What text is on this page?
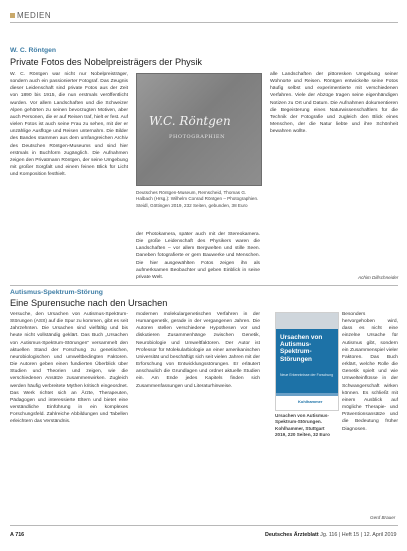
MEDIEN
W. C. Röntgen
Private Fotos des Nobelpreisträgers der Physik

W. C. Röntgen war nicht nur Nobelpreisträger, sondern auch ein passionierter Fotograf. Das Zeugnis dieser Leidenschaft sind private Fotos aus der Zeit von 1890 bis 1915, die nun erstmals veröffentlicht wurden. Vor allem Landschaften und die Schweizer Alpen gehörten zu seinen bevorzugten Motiven, aber auch Personen, die er auf Reisen traf, hielt er fest. Auf vielen Fotos ist auch seine Frau zu sehen, mit der er unzählige Ausflüge und Reisen unternahm. Die Bilder des Bandes stammen aus dem umfangreichen Archiv des Deutschen Röntgen-Museums und sind hier erstmals in Buchform zugänglich. Die Aufnahmen zeigen den Privatmann Röntgen, der seine Umgebung mit großer Sorgfalt und einem feinen Blick für Licht und Komposition festhielt.

W.C. Röntgen
PHOTOGRAPHIEN
Deutsches Röntgen-Museum, Remscheid, Thomas G. Halbach (Hrsg.): Wilhelm Conrad Röntgen – Photographien. Steidl, Göttingen 2019, 232 Seiten, gebunden, 38 Euro

der Photokamera, später auch mit der Stereokamera. Die große Leidenschaft des Physikers waren die Landschaften – vor allem Bergwelten und stille Seen. Daneben fotografierte er gern Bauwerke und Menschen. Die hier ausgewählten Fotos zeigen ihn als aufmerksamen Beobachter und geben Einblick in seine private Welt.

alle Landschaften der pittoresken Umgebung seiner Wohnorte und Reisen. Röntgen entwickelte seine Fotos häufig selbst und experimentierte mit verschiedenen Verfahren. Viele der Abzüge tragen seine eigenhändigen Notizen zu Ort und Datum. Die Aufnahmen dokumentieren die Begeisterung eines Naturwissenschaftlers für die Technik der Fotografie und zugleich den Blick eines Menschen, der die Natur liebte und ihre Schönheit bewahren wollte.

Achim Dillschneider
Autismus-Spektrum-Störung
Eine Spurensuche nach den Ursachen

Versuche, den Ursachen von Autismus-Spektrum-Störungen (ASS) auf die Spur zu kommen, gibt es seit Jahrzehnten. Die Ursachen sind vielfältig und bis heute nicht vollständig geklärt. Das Buch „Ursachen von Autismus-Spektrum-Störungen“ versammelt den aktuellen Stand der Forschung zu genetischen, neurobiologischen und umweltbedingten Faktoren. Die Autoren geben einen fundierten Überblick über Studien und Theorien und zeigen, wie die verschiedenen Ansätze zusammenwirken. Zugleich werden häufig verbreitete Mythen kritisch eingeordnet. Das Werk richtet sich an Ärzte, Therapeuten, Pädagogen und interessierte Eltern und bietet eine verständliche Einführung in ein komplexes Forschungsfeld. Zahlreiche Abbildungen und Tabellen erleichtern das Verständnis.

modernen molekulargenetischen Verfahren in der Humangenetik, gerade in der vergangenen Jahren. Die Autoren stellen verschiedene Hypothesen vor und diskutieren Zusammenhänge zwischen Genetik, Neurobiologie und Umweltfaktoren. Der Autor ist Professor für Molekularbiologie an einer amerikanischen Universität und beschäftigt sich seit vielen Jahren mit der Erforschung von Entwicklungsstörungen. Er erläutert anschaulich die Grundlagen und ordnet aktuelle Studien ein. Am Ende jedes Kapitels finden sich Zusammenfassungen und Literaturhinweise.

Ursachen von Autismus-Spektrum-Störungen
Neue Erkenntnisse der Forschung
Kohlhammer
Ursachen von Autismus-Spektrum-Störungen. Kohlhammer, Stuttgart 2019, 220 Seiten, 32 Euro

Besonders hervorgehoben wird, dass es nicht eine einzelne Ursache für Autismus gibt, sondern ein Zusammenspiel vieler Faktoren. Das Buch erklärt, welche Rolle die Genetik spielt und wie Umwelteinflüsse in der Schwangerschaft wirken können. Es schließt mit einem Ausblick auf mögliche Therapie- und Präventionsansätze und die Bedeutung früher Diagnosen.

Gerd Brauer
A 716	Deutsches Ärzteblatt Jg. 116 | Heft 15 | 12. April 2019
